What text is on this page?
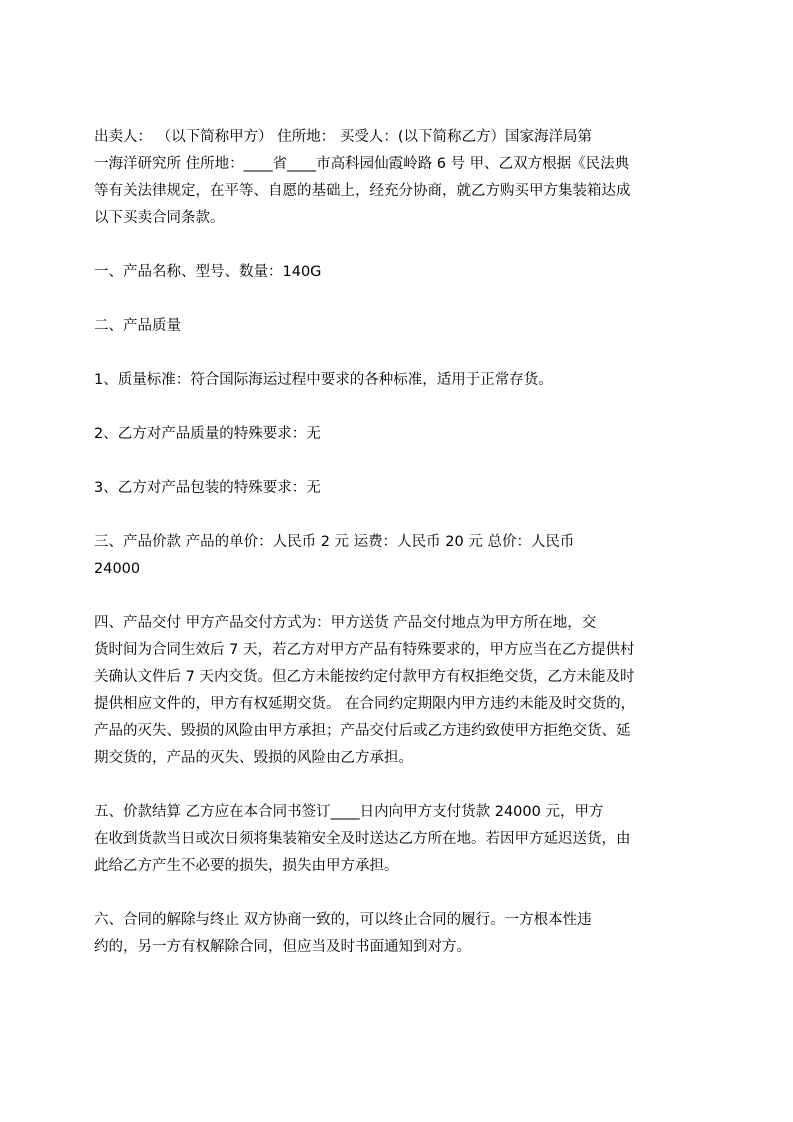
出卖人： （以下简称甲方） 住所地： 买受人：(以下简称乙方）国家海洋局第
一海洋研究所 住所地：____省____市高科园仙霞岭路 6 号 甲、乙双方根据《民法典
等有关法律规定，在平等、自愿的基础上，经充分协商，就乙方购买甲方集装箱达成
以下买卖合同条款。
一、产品名称、型号、数量：140G
二、产品质量
1、质量标准：符合国际海运过程中要求的各种标准，适用于正常存货。
2、乙方对产品质量的特殊要求：无
3、乙方对产品包装的特殊要求：无
三、产品价款 产品的单价：人民币 2 元 运费：人民币 20 元 总价：人民币
24000
四、产品交付 甲方产品交付方式为：甲方送货 产品交付地点为甲方所在地，交
货时间为合同生效后 7 天，若乙方对甲方产品有特殊要求的，甲方应当在乙方提供村
关确认文件后 7 天内交货。但乙方未能按约定付款甲方有权拒绝交货，乙方未能及时
提供相应文件的，甲方有权延期交货。 在合同约定期限内甲方违约未能及时交货的，
产品的灭失、毁损的风险由甲方承担；产品交付后或乙方违约致使甲方拒绝交货、延
期交货的，产品的灭失、毁损的风险由乙方承担。
五、价款结算 乙方应在本合同书签订____日内向甲方支付货款 24000 元，甲方
在收到货款当日或次日须将集装箱安全及时送达乙方所在地。若因甲方延迟送货，由
此给乙方产生不必要的损失，损失由甲方承担。
六、合同的解除与终止 双方协商一致的，可以终止合同的履行。一方根本性违
约的，另一方有权解除合同，但应当及时书面通知到对方。
